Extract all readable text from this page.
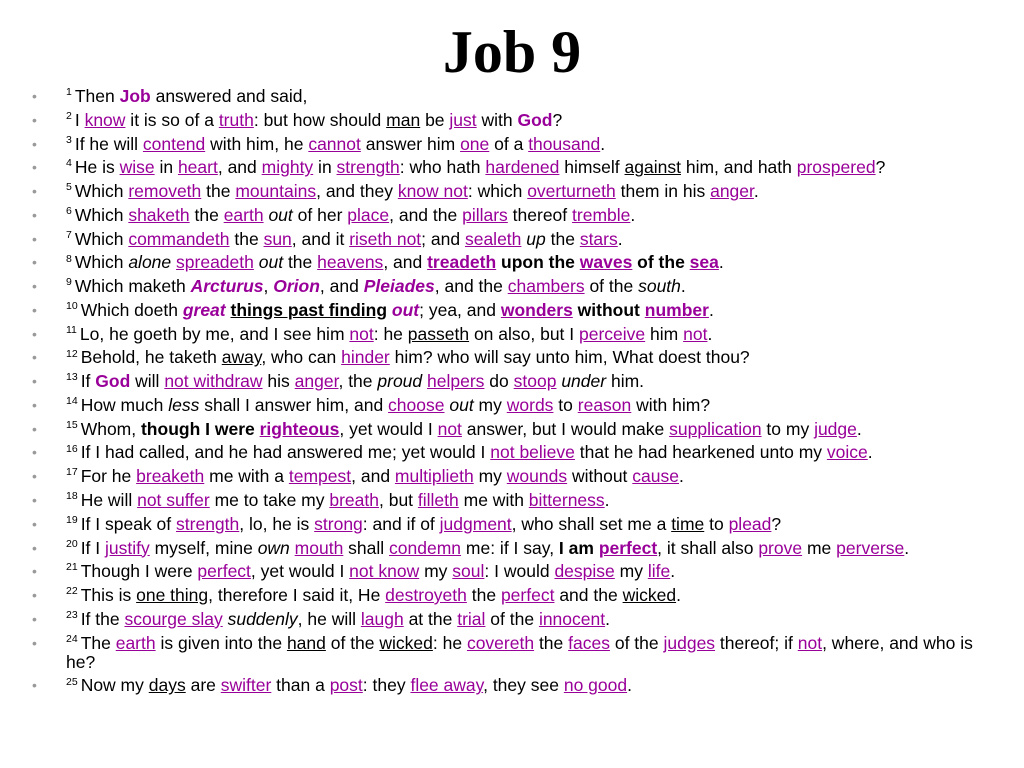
Job 9
•	$^1$ Then Job answered and said,
•	$^2$ I know it is so of a truth: but how should man be just with God?
•	$^3$ If he will contend with him, he cannot answer him one of a thousand.
•	$^4$ He is wise in heart, and mighty in strength: who hath hardened himself against him, and hath prospered?
•	$^5$ Which removeth the mountains, and they know not: which overturneth them in his anger.
•	$^6$ Which shaketh the earth out of her place, and the pillars thereof tremble.
•	$^7$ Which commandeth the sun, and it riseth not; and sealeth up the stars.
•	$^8$ Which alone spreadeth out the heavens, and treadeth upon the waves of the sea.
•	$^9$ Which maketh Arcturus, Orion, and Pleiades, and the chambers of the south.
•	$^{10}$ Which doeth great things past finding out; yea, and wonders without number.
•	$^{11}$ Lo, he goeth by me, and I see him not: he passeth on also, but I perceive him not.
•	$^{12}$ Behold, he taketh away, who can hinder him? who will say unto him, What doest thou?
•	$^{13}$ If God will not withdraw his anger, the proud helpers do stoop under him.
•	$^{14}$ How much less shall I answer him, and choose out my words to reason with him?
•	$^{15}$ Whom, though I were righteous, yet would I not answer, but I would make supplication to my judge.
•	$^{16}$ If I had called, and he had answered me; yet would I not believe that he had hearkened unto my voice.
•	$^{17}$ For he breaketh me with a tempest, and multiplieth my wounds without cause.
•	$^{18}$ He will not suffer me to take my breath, but filleth me with bitterness.
•	$^{19}$ If I speak of strength, lo, he is strong: and if of judgment, who shall set me a time to plead?
•	$^{20}$ If I justify myself, mine own mouth shall condemn me: if I say, I am perfect, it shall also prove me perverse.
•	$^{21}$ Though I were perfect, yet would I not know my soul: I would despise my life.
•	$^{22}$ This is one thing, therefore I said it, He destroyeth the perfect and the wicked.
•	$^{23}$ If the scourge slay suddenly, he will laugh at the trial of the innocent.
•	$^{24}$ The earth is given into the hand of the wicked: he covereth the faces of the judges thereof; if not, where, and who is he?
•	$^{25}$ Now my days are swifter than a post: they flee away, they see no good.
